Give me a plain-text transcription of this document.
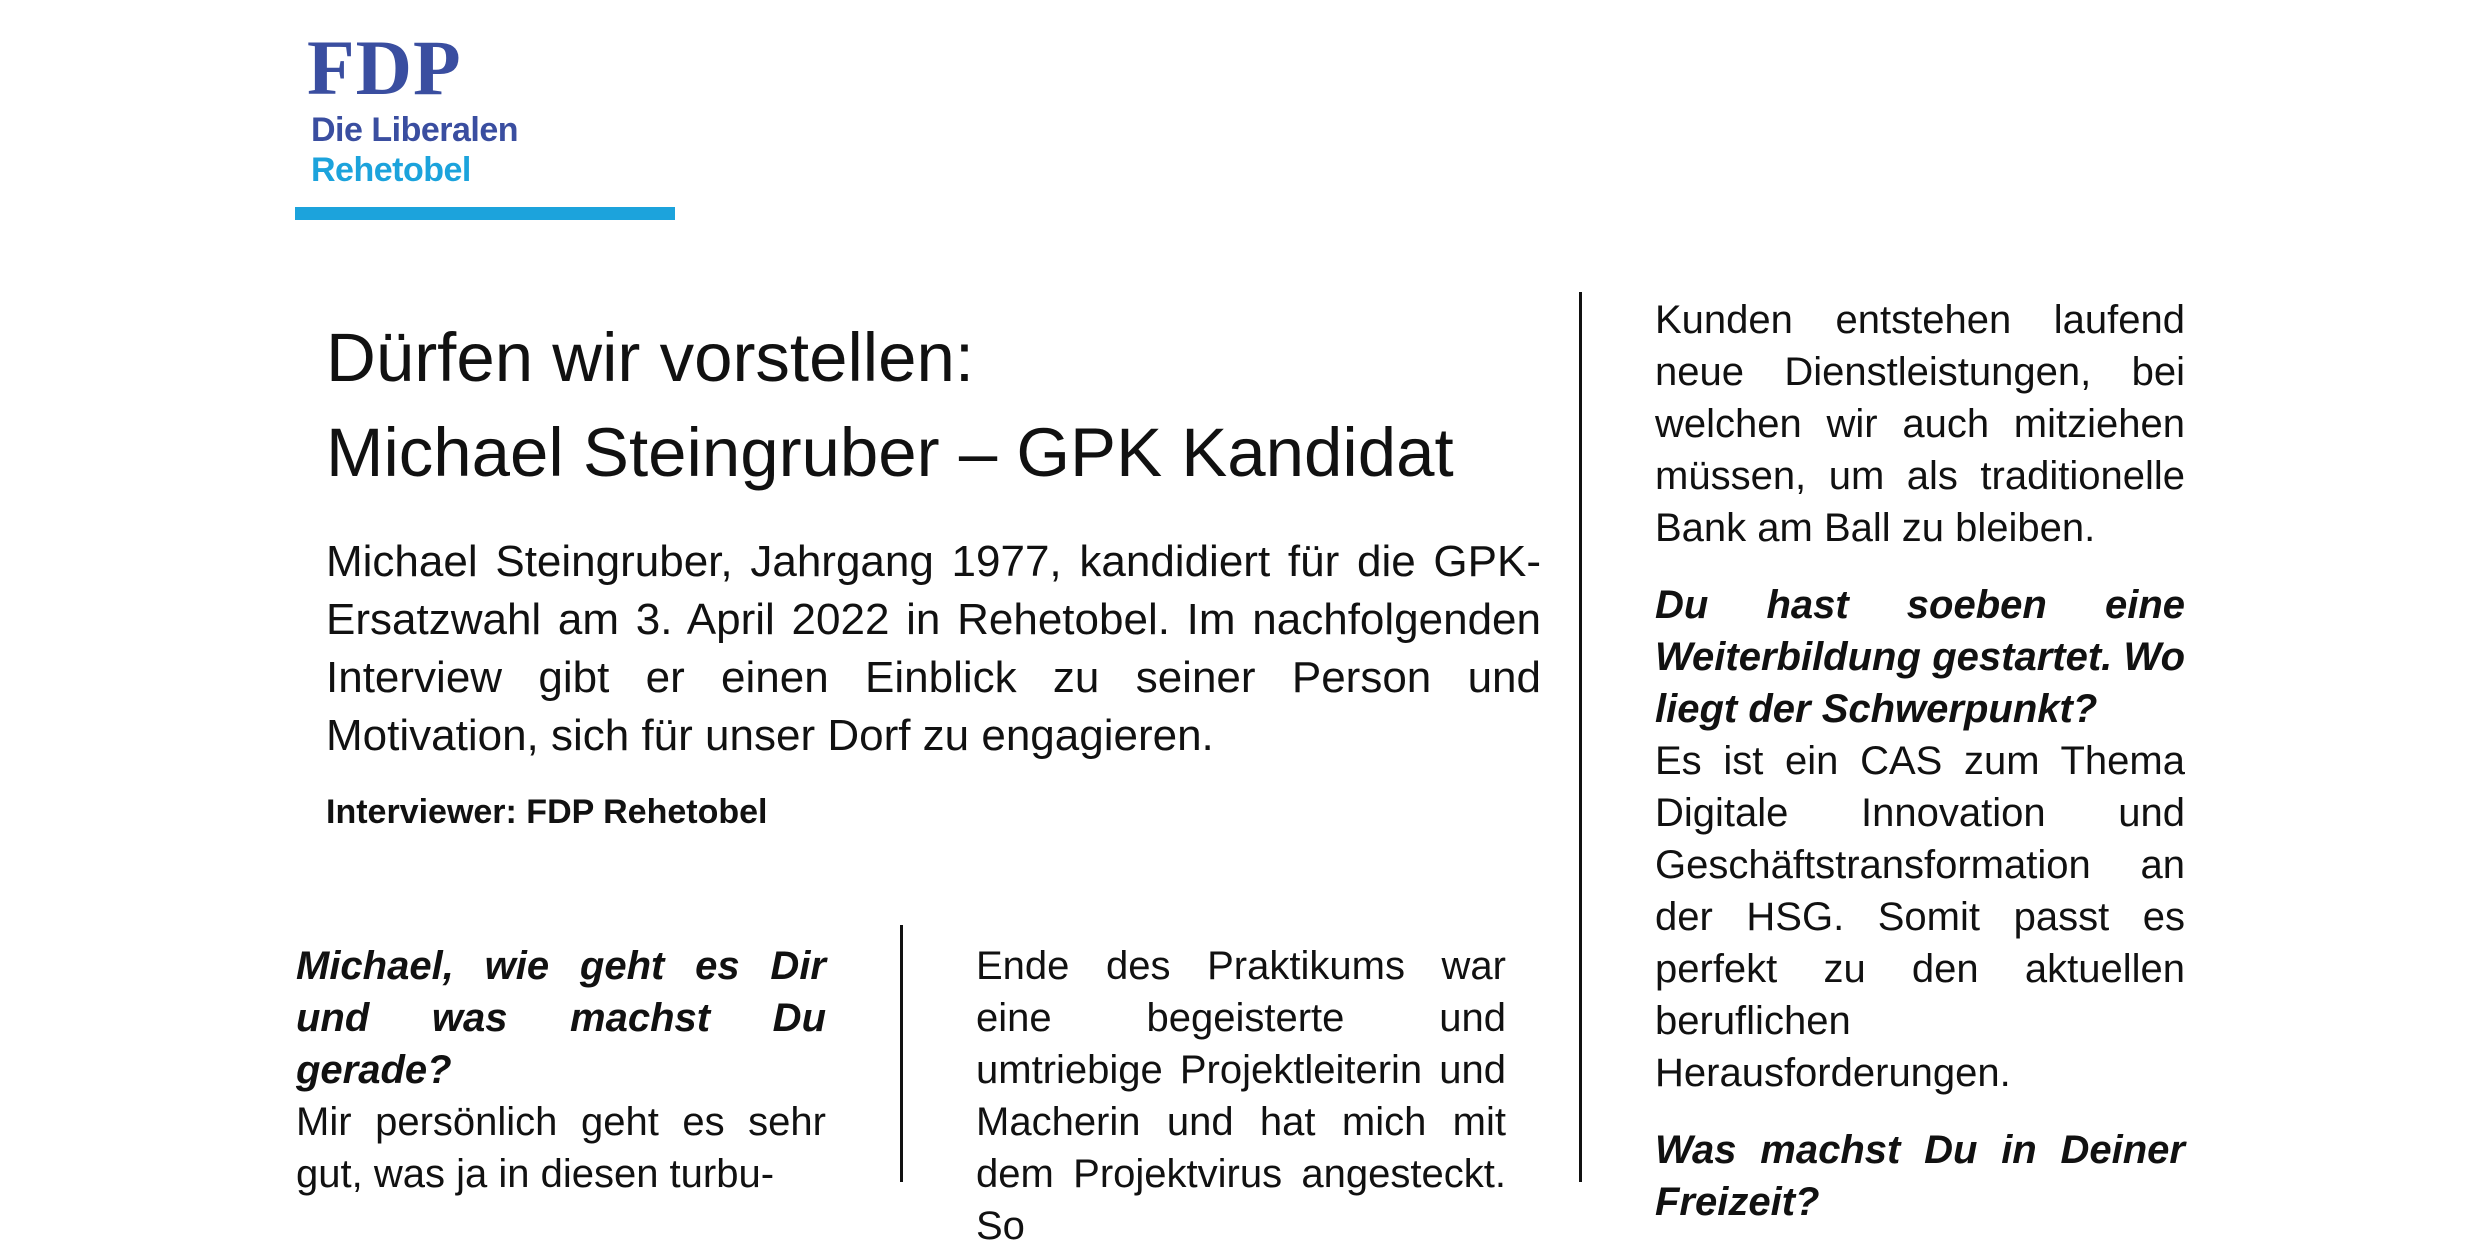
FDP
Die Liberalen
Rehetobel
Dürfen wir vorstellen:
Michael Steingruber – GPK Kandidat

Michael Steingruber, Jahrgang 1977, kandidiert für die GPK-Ersatzwahl am 3. April 2022 in Rehetobel. Im nachfolgenden Interview gibt er einen Einblick zu seiner Person und Motivation, sich für unser Dorf zu engagieren.

Interviewer: FDP Rehetobel

Michael, wie geht es Dir und was machst Du gerade?

Mir persönlich geht es sehr gut, was ja in diesen turbu-

Ende des Praktikums war eine begeisterte und umtriebige Projektleiterin und Macherin und hat mich mit dem Projektvirus angesteckt. So

Kunden entstehen laufend neue Dienstleistungen, bei welchen wir auch mitziehen müssen, um als traditionelle Bank am Ball zu bleiben.

Du hast soeben eine Weiterbildung gestartet. Wo liegt der Schwerpunkt?

Es ist ein CAS zum Thema Digitale Innovation und Geschäftstransformation an der HSG. Somit passt es perfekt zu den aktuellen beruflichen Herausforderungen.

Was machst Du in Deiner Freizeit?
